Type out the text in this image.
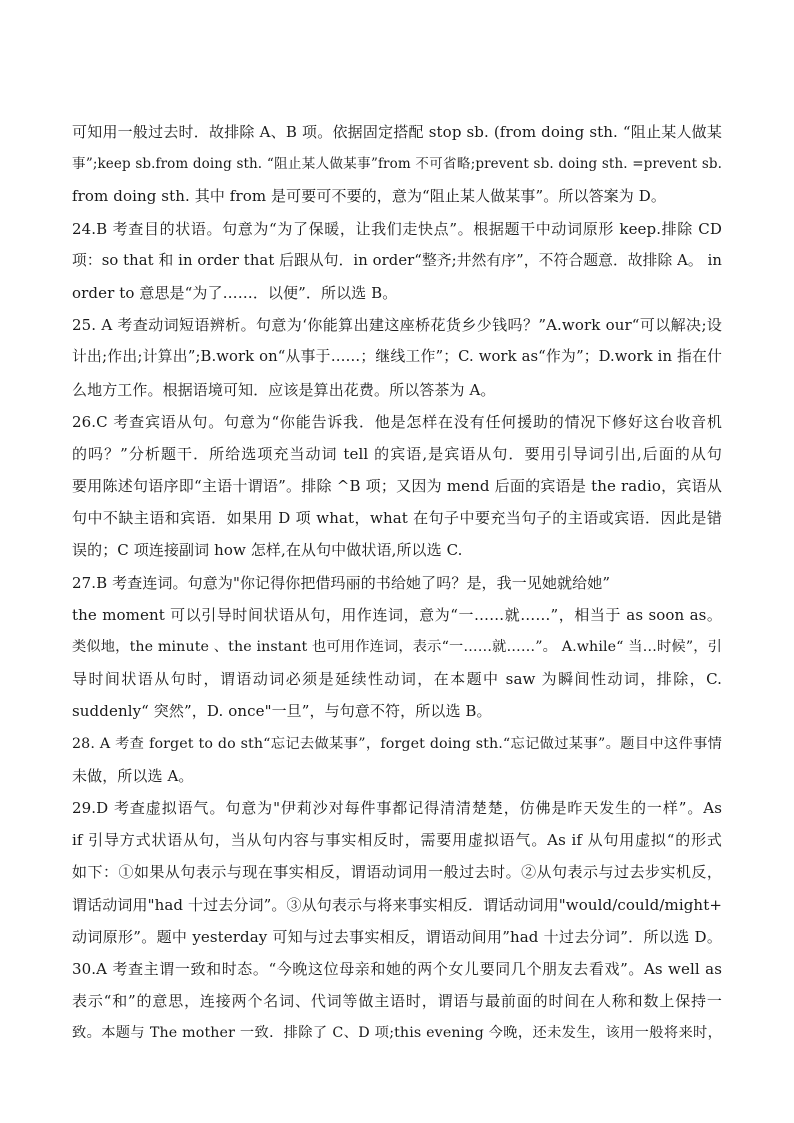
可知用一般过去时．故排除 A、B 项。依据固定搭配 stop sb. (from doing sth. “阻止某人做某
事”;keep sb.from doing sth. “阻止某人做某事”from 不可省略;prevent sb. doing sth. =prevent sb.
from doing sth. 其中 from 是可要可不要的，意为“阻止某人做某事”。所以答案为 D。
24.B 考查目的状语。句意为“为了保暖，让我们走快点”。根据题干中动词原形 keep.排除 CD
项：so that 和 in order that 后跟从句．in order“整齐;井然有序”，不符合题意．故排除 A。 in
order to 意思是“为了……．以便”．所以选 B。
25. A 考查动词短语辨析。句意为‘你能算出建这座桥花货乡少钱吗？”A.work our“可以解决;设
计出;作出;计算出”;B.work on“从事于……；继线工作”；C. work as“作为”；D.work in 指在什
么地方工作。根据语境可知．应该是算出花费。所以答茶为 A。
26.C 考查宾语从句。句意为“你能告诉我．他是怎样在没有任何援助的情况下修好这台收音机
的吗？”分析题干．所给选项充当动词 tell 的宾语,是宾语从句．要用引导词引出,后面的从句
要用陈述句语序即“主语十谓语”。排除 ^B 项；又因为 mend 后面的宾语是 the radio，宾语从
句中不缺主语和宾语．如果用 D 项 what，what 在句子中要充当句子的主语或宾语．因此是错
误的；C 项连接副词 how 怎样,在从句中做状语,所以选 C.
27.B 考查连词。句意为"你记得你把借玛丽的书给她了吗？是，我一见她就给她”
the moment 可以引导时间状语从句，用作连词，意为“一……就……”，相当于 as soon as。
类似地，the minute 、the instant 也可用作连词，表示“一……就……”。 A.while“ 当…时候”，引
导时间状语从句时，谓语动词必须是延续性动词，在本题中 saw 为瞬间性动词，排除，C.
suddenly“ 突然”，D. once"一旦”，与句意不符，所以选 B。
28. A 考查 forget to do sth“忘记去做某事”，forget doing sth.“忘记做过某事”。题目中这件事情
未做，所以选 A。
29.D 考查虚拟语气。句意为"伊莉沙对每件事都记得清清楚楚，仿佛是昨天发生的一样”。As
if 引导方式状语从句，当从句内容与事实相反时，需要用虚拟语气。As if 从句用虚拟“的形式
如下：①如果从句表示与现在事实相反，谓语动词用一般过去时。②从句表示与过去步实机反，
谓话动词用"had 十过去分词”。③从句表示与将来事实相反．谓话动词用"would/could/might+
动词原形”。题中 yesterday 可知与过去事实相反，谓语动间用”had 十过去分词”．所以选 D。
30.A 考查主谓一致和时态。“今晚这位母亲和她的两个女儿要同几个朋友去看戏”。As well as
表示“和”的意思，连接两个名词、代词等做主语时，谓语与最前面的时间在人称和数上保持一
致。本题与 The mother 一致．排除了 C、D 项;this evening 今晚，还未发生，该用一般将来时，
